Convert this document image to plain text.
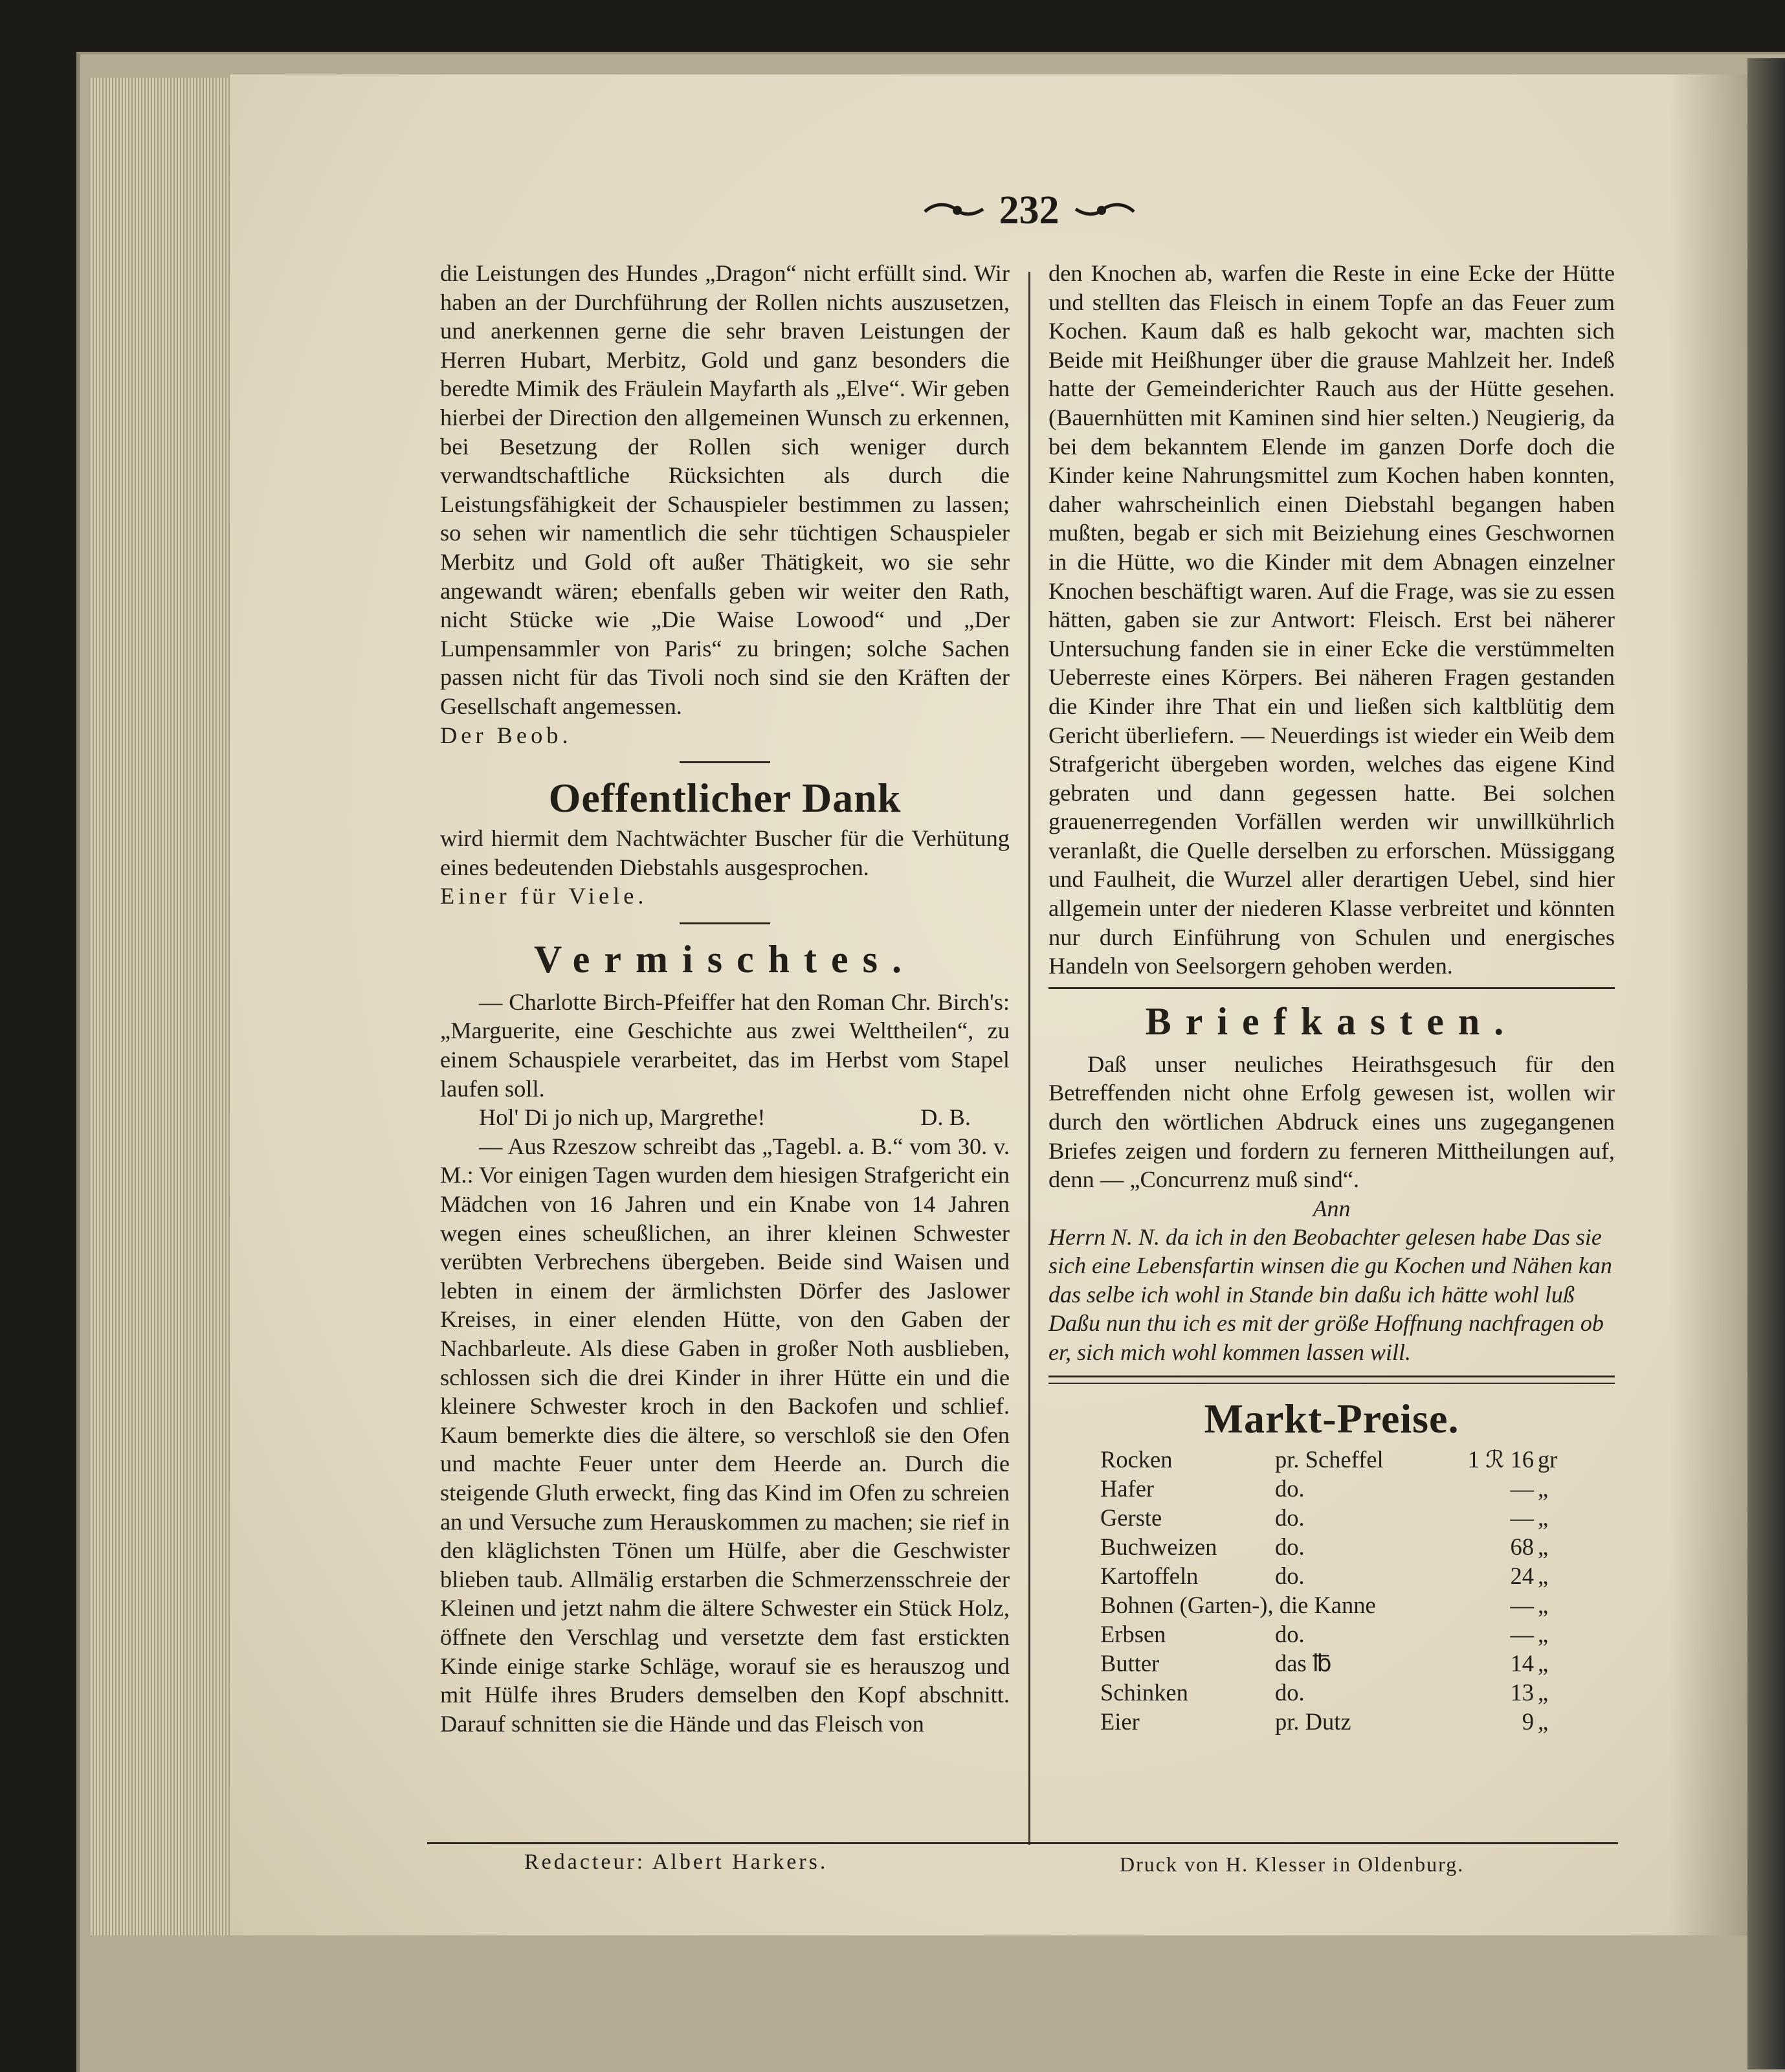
232

die Leistungen des Hundes „Dragon“ nicht erfüllt sind. Wir haben an der Durchführung der Rollen nichts auszusetzen, und anerkennen gerne die sehr braven Leistungen der Herren Hubart, Merbitz, Gold und ganz besonders die beredte Mimik des Fräulein Mayfarth als „Elve“. Wir geben hierbei der Direction den allgemeinen Wunsch zu erkennen, bei Besetzung der Rollen sich weniger durch verwandtschaftliche Rücksichten als durch die Leistungsfähigkeit der Schauspieler bestimmen zu lassen; so sehen wir namentlich die sehr tüchtigen Schauspieler Merbitz und Gold oft außer Thätigkeit, wo sie sehr angewandt wären; ebenfalls geben wir weiter den Rath, nicht Stücke wie „Die Waise Lowood“ und „Der Lumpensammler von Paris“ zu bringen; solche Sachen passen nicht für das Tivoli noch sind sie den Kräften der Gesellschaft angemessen.

Der Beob.

Oeffentlicher Dank

wird hiermit dem Nachtwächter Buscher für die Verhütung eines bedeutenden Diebstahls ausgesprochen.

Einer für Viele.

Vermischtes.

— Charlotte Birch-Pfeiffer hat den Roman Chr. Birch's: „Marguerite, eine Geschichte aus zwei Welttheilen“, zu einem Schauspiele verarbeitet, das im Herbst vom Stapel laufen soll.

Hol' Di jo nich up, Margrethe!	D. B.

— Aus Rzeszow schreibt das „Tagebl. a. B.“ vom 30. v. M.: Vor einigen Tagen wurden dem hiesigen Strafgericht ein Mädchen von 16 Jahren und ein Knabe von 14 Jahren wegen eines scheußlichen, an ihrer kleinen Schwester verübten Verbrechens übergeben. Beide sind Waisen und lebten in einem der ärmlichsten Dörfer des Jaslower Kreises, in einer elenden Hütte, von den Gaben der Nachbarleute. Als diese Gaben in großer Noth ausblieben, schlossen sich die drei Kinder in ihrer Hütte ein und die kleinere Schwester kroch in den Backofen und schlief. Kaum bemerkte dies die ältere, so verschloß sie den Ofen und machte Feuer unter dem Heerde an. Durch die steigende Gluth erweckt, fing das Kind im Ofen zu schreien an und Versuche zum Herauskommen zu machen; sie rief in den kläglichsten Tönen um Hülfe, aber die Geschwister blieben taub. Allmälig erstarben die Schmerzensschreie der Kleinen und jetzt nahm die ältere Schwester ein Stück Holz, öffnete den Verschlag und versetzte dem fast erstickten Kinde einige starke Schläge, worauf sie es herauszog und mit Hülfe ihres Bruders demselben den Kopf abschnitt. Darauf schnitten sie die Hände und das Fleisch von

den Knochen ab, warfen die Reste in eine Ecke der Hütte und stellten das Fleisch in einem Topfe an das Feuer zum Kochen. Kaum daß es halb gekocht war, machten sich Beide mit Heißhunger über die grause Mahlzeit her. Indeß hatte der Gemeinderichter Rauch aus der Hütte gesehen. (Bauernhütten mit Kaminen sind hier selten.) Neugierig, da bei dem bekanntem Elende im ganzen Dorfe doch die Kinder keine Nahrungsmittel zum Kochen haben konnten, daher wahrscheinlich einen Diebstahl begangen haben mußten, begab er sich mit Beiziehung eines Geschwornen in die Hütte, wo die Kinder mit dem Abnagen einzelner Knochen beschäftigt waren. Auf die Frage, was sie zu essen hätten, gaben sie zur Antwort: Fleisch. Erst bei näherer Untersuchung fanden sie in einer Ecke die verstümmelten Ueberreste eines Körpers. Bei näheren Fragen gestanden die Kinder ihre That ein und ließen sich kaltblütig dem Gericht überliefern. — Neuerdings ist wieder ein Weib dem Strafgericht übergeben worden, welches das eigene Kind gebraten und dann gegessen hatte. Bei solchen grauenerregenden Vorfällen werden wir unwillkührlich veranlaßt, die Quelle derselben zu erforschen. Müssiggang und Faulheit, die Wurzel aller derartigen Uebel, sind hier allgemein unter der niederen Klasse verbreitet und könnten nur durch Einführung von Schulen und energisches Handeln von Seelsorgern gehoben werden.

Briefkasten.

Daß unser neuliches Heirathsgesuch für den Betreffenden nicht ohne Erfolg gewesen ist, wollen wir durch den wörtlichen Abdruck eines uns zugegangenen Briefes zeigen und fordern zu ferneren Mittheilungen auf, denn — „Concurrenz muß sind“.

Ann

Herrn N. N. da ich in den Beobachter gelesen habe Das sie sich eine Lebensfartin winsen die gu Kochen und Nähen kan das selbe ich wohl in Stande bin daßu ich hätte wohl luß Daßu nun thu ich es mit der größe Hoffnung nachfragen ob er, sich mich wohl kommen lassen will.

Markt-Preise.
Rocken	pr. Scheffel	1 ℛ 16 gr
Hafer	do.	— „
Gerste	do.	— „
Buchweizen	do.	68 „
Kartoffeln	do.	24 „
Bohnen (Garten-), die Kanne	— „
Erbsen	do.	— „
Butter	das ℔	14 „
Schinken	do.	13 „
Eier	pr. Dutz	9 „
Redacteur: Albert Harkers.	Druck von H. Klesser in Oldenburg.
